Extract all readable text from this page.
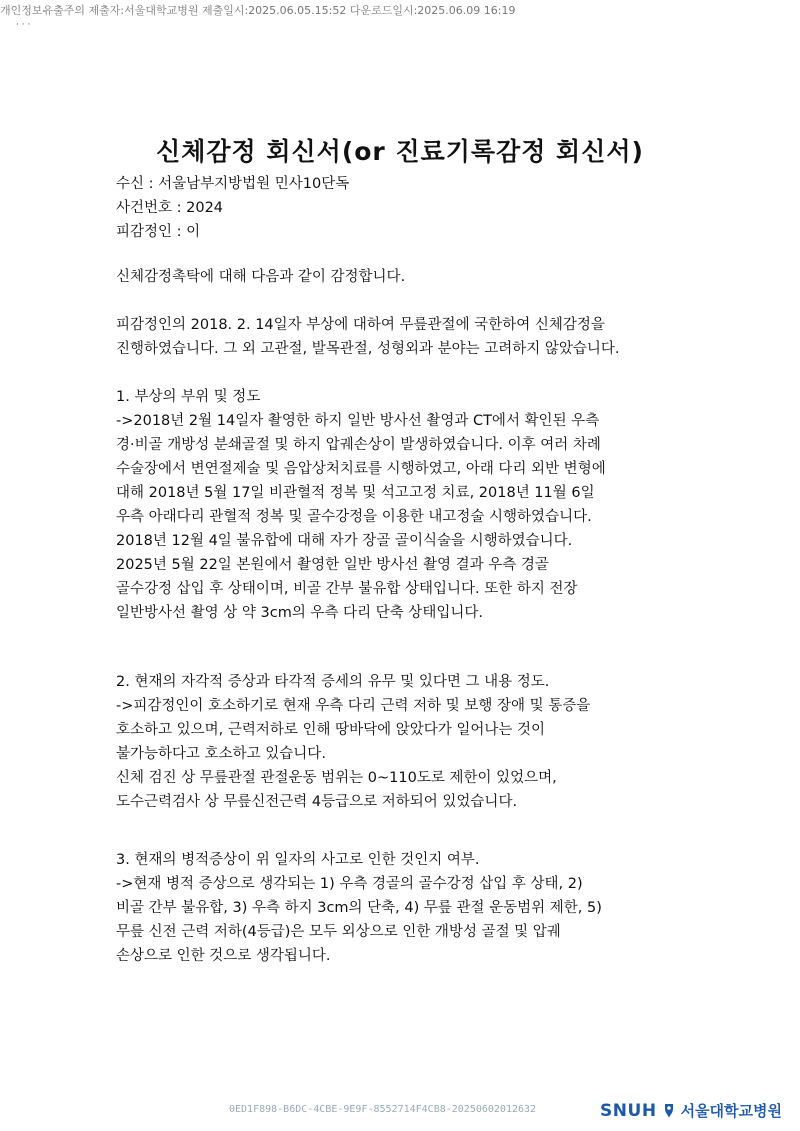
개인정보유출주의 제출자:서울대학교병원 제출일시:2025.06.05.15:52 다운로드일시:2025.06.09 16:19
· · ·
신체감정 회신서(or 진료기록감정 회신서)

수신 : 서울남부지방법원 민사10단독

사건번호 : 2024

피감정인 : 이

신체감정촉탁에 대해 다음과 같이 감정합니다.

피감정인의 2018. 2. 14일자 부상에 대하여 무릎관절에 국한하여 신체감정을

진행하였습니다. 그 외 고관절, 발목관절, 성형외과 분야는 고려하지 않았습니다.

1. 부상의 부위 및 정도

->2018년 2월 14일자 촬영한 하지 일반 방사선 촬영과 CT에서 확인된 우측

경·비골 개방성 분쇄골절 및 하지 압궤손상이 발생하였습니다. 이후 여러 차례

수술장에서 변연절제술 및 음압상처치료를 시행하였고, 아래 다리 외반 변형에

대해 2018년 5월 17일 비관혈적 정복 및 석고고정 치료, 2018년 11월 6일

우측 아래다리 관혈적 정복 및 골수강정을 이용한 내고정술 시행하였습니다.

2018년 12월 4일 불유합에 대해 자가 장골 골이식술을 시행하였습니다.

2025년 5월 22일 본원에서 촬영한 일반 방사선 촬영 결과 우측 경골

골수강정 삽입 후 상태이며, 비골 간부 불유합 상태입니다. 또한 하지 전장

일반방사선 촬영 상 약 3cm의 우측 다리 단축 상태입니다.

2. 현재의 자각적 증상과 타각적 증세의 유무 및 있다면 그 내용 정도.

->피감정인이 호소하기로 현재 우측 다리 근력 저하 및 보행 장애 및 통증을

호소하고 있으며, 근력저하로 인해 땅바닥에 앉았다가 일어나는 것이

불가능하다고 호소하고 있습니다.

신체 검진 상 무릎관절 관절운동 범위는 0~110도로 제한이 있었으며,

도수근력검사 상 무릎신전근력 4등급으로 저하되어 있었습니다.

3. 현재의 병적증상이 위 일자의 사고로 인한 것인지 여부.

->현재 병적 증상으로 생각되는 1) 우측 경골의 골수강정 삽입 후 상태, 2)

비골 간부 불유합, 3) 우측 하지 3cm의 단축, 4) 무릎 관절 운동범위 제한, 5)

무릎 신전 근력 저하(4등급)은 모두 외상으로 인한 개방성 골절 및 압궤

손상으로 인한 것으로 생각됩니다.

0ED1F898-B6DC-4CBE-9E9F-8552714F4CB8-20250602012632	SNUH 서울대학교병원
